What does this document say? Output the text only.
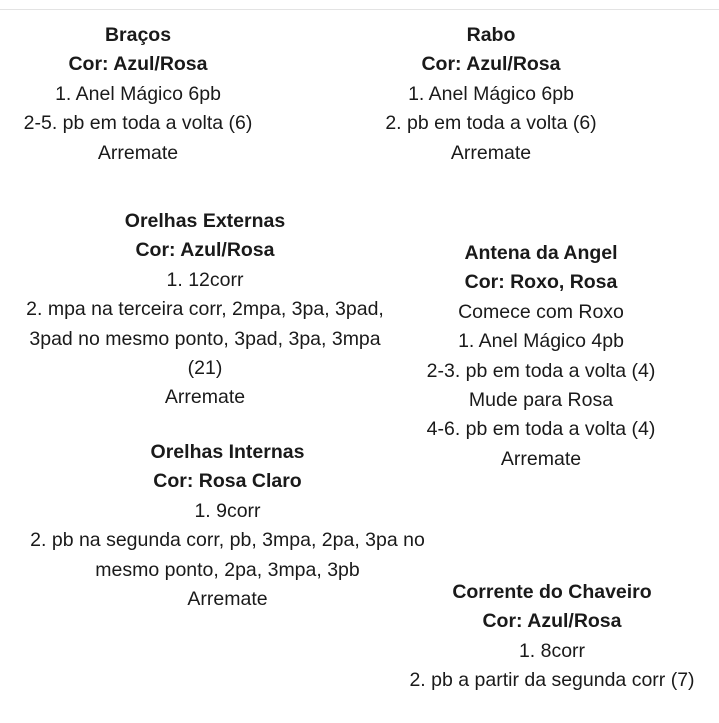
Braços
Cor: Azul/Rosa
1. Anel Mágico 6pb
2-5. pb em toda a volta (6)
Arremate
Rabo
Cor: Azul/Rosa
1. Anel Mágico 6pb
2. pb em toda a volta (6)
Arremate
Orelhas Externas
Cor: Azul/Rosa
1. 12corr
2. mpa na terceira corr, 2mpa, 3pa, 3pad,
3pad no mesmo ponto, 3pad, 3pa, 3mpa
(21)
Arremate
Orelhas Internas
Cor: Rosa Claro
1. 9corr
2. pb na segunda corr, pb, 3mpa, 2pa, 3pa no
mesmo ponto, 2pa, 3mpa, 3pb
Arremate
Antena da Angel
Cor: Roxo, Rosa
Comece com Roxo
1. Anel Mágico 4pb
2-3. pb em toda a volta (4)
Mude para Rosa
4-6. pb em toda a volta (4)
Arremate
Corrente do Chaveiro
Cor: Azul/Rosa
1. 8corr
2. pb a partir da segunda corr (7)
